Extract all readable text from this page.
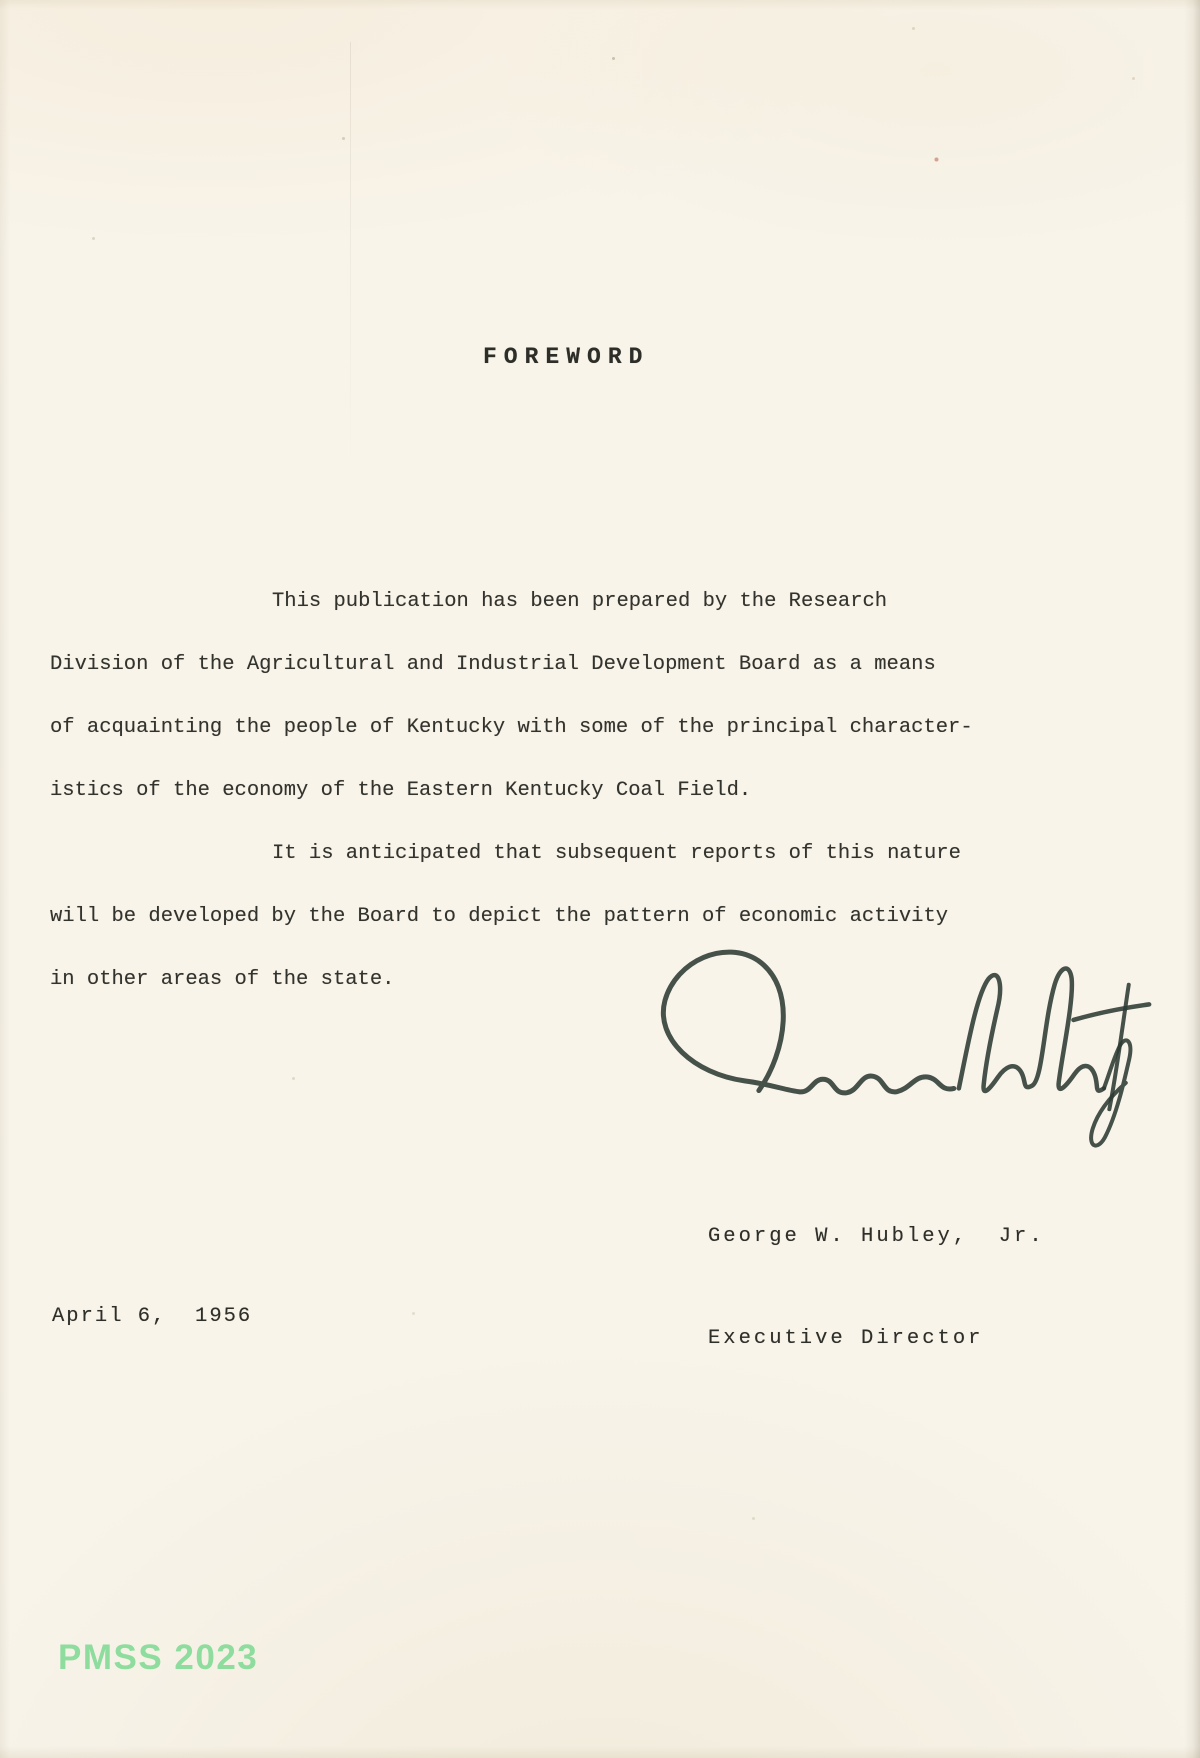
FOREWORD
This publication has been prepared by the Research
Division of the Agricultural and Industrial Development Board as a means
of acquainting the people of Kentucky with some of the principal character-
istics of the economy of the Eastern Kentucky Coal Field.
It is anticipated that subsequent reports of this nature
will be developed by the Board to depict the pattern of economic activity
in other areas of the state.

George W. Hubley,  Jr.

Executive Director

April 6,  1956
PMSS 2023
